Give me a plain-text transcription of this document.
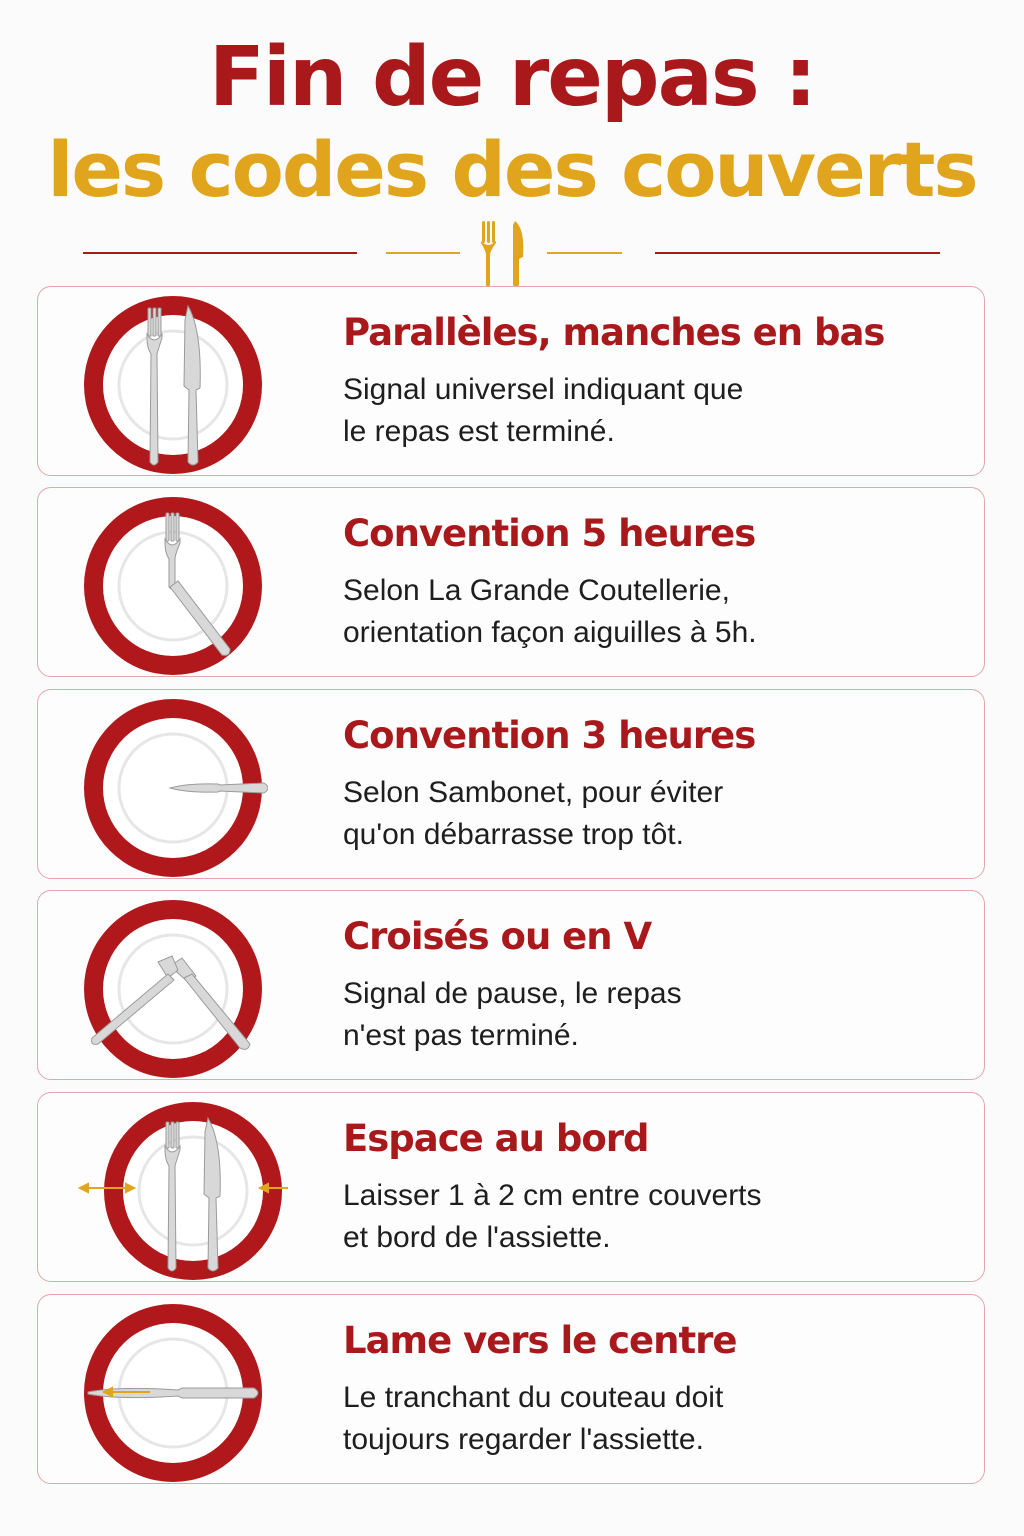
Fin de repas :
les codes des couverts
Parallèles, manches en bas

Signal universel indiquant que
le repas est terminé.

Convention 5 heures

Selon La Grande Coutellerie,
orientation façon aiguilles à 5h.

Convention 3 heures

Selon Sambonet, pour éviter
qu'on débarrasse trop tôt.

Croisés ou en V

Signal de pause, le repas
n'est pas terminé.

Espace au bord

Laisser 1 à 2 cm entre couverts
et bord de l'assiette.

Lame vers le centre

Le tranchant du couteau doit
toujours regarder l'assiette.
